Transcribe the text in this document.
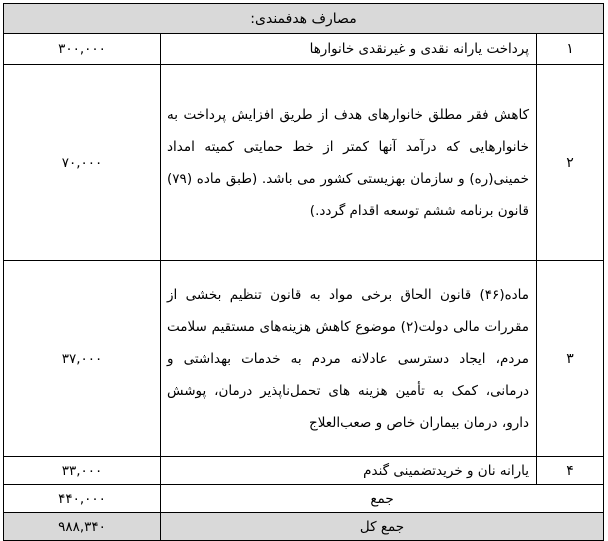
مصارف هدفمندی:		
۱	پرداخت یارانه نقدی و غیرنقدی خانوارها	۳۰۰,۰۰۰
۲	کاهش فقر مطلق خانوارهای هدف از طریق افزایش پرداخت به خانوارهایی که درآمد آنها کمتر از خط حمایتی کمیته امداد خمینی(ره) و سازمان بهزیستی کشور می باشد. (طبق ماده (۷۹) قانون برنامه ششم توسعه اقدام گردد.)	۷۰,۰۰۰
۳	ماده(۴۶) قانون الحاق برخی مواد به قانون تنظیم بخشی از مقررات مالی دولت(۲) موضوع کاهش هزینه‌های مستقیم سلامت مردم، ایجاد دسترسی عادلانه مردم به خدمات بهداشتی و درمانی، کمک به تأمین هزینه های تحمل‌ناپذیر درمان، پوشش دارو، درمان بیماران خاص و صعب‌العلاج	۳۷,۰۰۰
۴	یارانه نان و خریدتضمینی گندم	۳۳,۰۰۰
جمع		۴۴۰,۰۰۰
جمع کل		۹۸۸,۳۴۰
